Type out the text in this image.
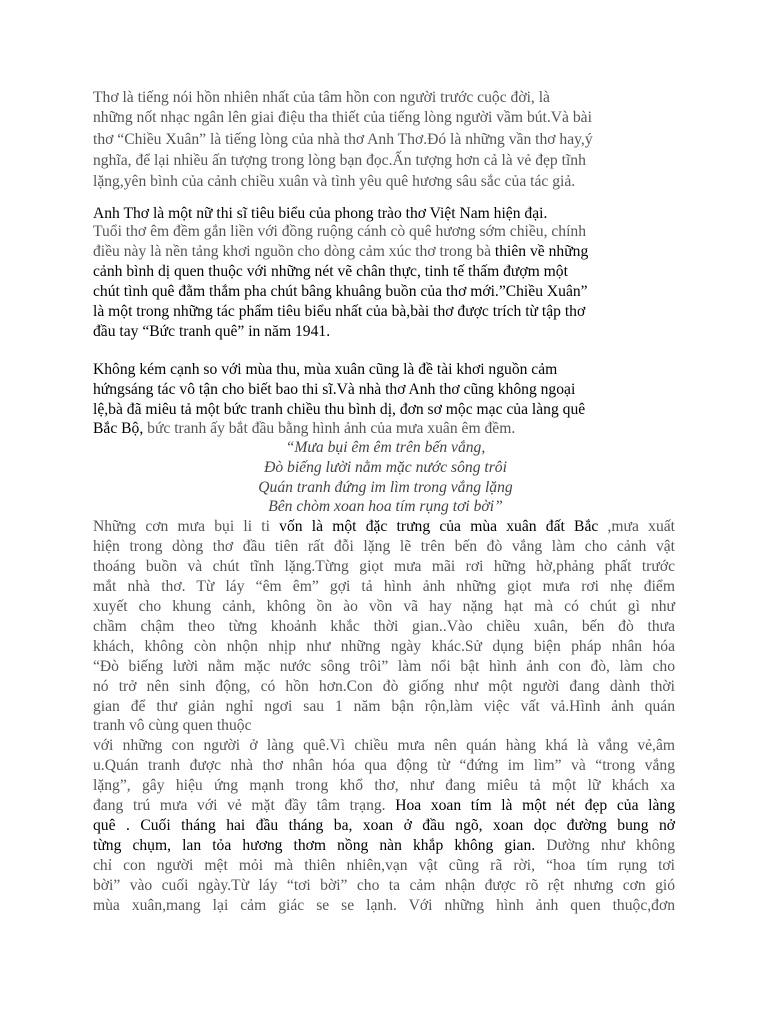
Thơ là tiếng nói hồn nhiên nhất của tâm hồn con người trước cuộc đời, là
những nốt nhạc ngân lên giai điệu tha thiết của tiếng lòng người vầm bút.Và bài
thơ “Chiều Xuân” là tiếng lòng của nhà thơ Anh Thơ.Đó là những vần thơ hay,ý
nghĩa, để lại nhiều ấn tượng trong lòng bạn đọc.Ấn tượng hơn cả là vẻ đẹp tĩnh
lặng,yên bình của cảnh chiều xuân và tình yêu quê hương sâu sắc của tác giả.
Anh Thơ là một nữ thi sĩ tiêu biểu của phong trào thơ Việt Nam hiện đại.
Tuổi thơ êm đềm gắn liền với đồng ruộng cánh cò quê hương sớm chiều, chính
điều này là nền tảng khơi nguồn cho dòng cảm xúc thơ trong bà thiên về những
cảnh bình dị quen thuộc với những nét vẽ chân thực, tinh tế thấm đượm một
chút tình quê đằm thắm pha chút bâng khuâng buồn của thơ mới.”Chiều Xuân”
là một trong những tác phẩm tiêu biểu nhất của bà,bài thơ được trích từ tập thơ
đầu tay “Bức tranh quê” in năm 1941.
Không kém cạnh so với mùa thu, mùa xuân cũng là đề tài khơi nguồn cảm
hứngsáng tác vô tận cho biết bao thi sĩ.Và nhà thơ Anh thơ cũng không ngoại
lệ,bà đã miêu tả một bức tranh chiều thu bình dị, đơn sơ mộc mạc của làng quê
Bắc Bộ, bức tranh ấy bắt đầu bằng hình ảnh của mưa xuân êm đềm.
“Mưa bụi êm êm trên bến vắng,
Đò biếng lười nằm mặc nước sông trôi
Quán tranh đứng im lìm trong vắng lặng
Bên chòm xoan hoa tím rụng tơi bời”
Những cơn mưa bụi li ti vốn là một đặc trưng của mùa xuân đất Bắc ,mưa xuất
hiện trong dòng thơ đầu tiên rất đỗi lặng lẽ trên bến đò vắng làm cho cảnh vật
thoáng buồn và chút tĩnh lặng.Từng giọt mưa mãi rơi hững hờ,phảng phất trước
mắt nhà thơ. Từ láy “êm êm” gợi tả hình ảnh những giọt mưa rơi nhẹ điểm
xuyết cho khung cảnh, không ồn ào vồn vã hay nặng hạt mà có chút gì như
chầm chậm theo từng khoảnh khắc thời gian..Vào chiều xuân, bến đò thưa
khách, không còn nhộn nhịp như những ngày khác.Sử dụng biện pháp nhân hóa
“Đò biếng lười nằm mặc nước sông trôi” làm nổi bật hình ảnh con đò, làm cho
nó trở nên sinh động, có hồn hơn.Con đò giống như một người đang dành thời
gian để thư giản nghỉ ngơi sau 1 năm bận rộn,làm việc vất vả.Hình ảnh quán
tranh vô cùng quen thuộc
với những con người ở làng quê.Vì chiều mưa nên quán hàng khá là vắng vẻ,âm
u.Quán tranh được nhà thơ nhân hóa qua động từ “đứng im lìm” và “trong vắng
lặng”, gây hiệu ứng mạnh trong khổ thơ, như đang miêu tả một lữ khách xa
đang trú mưa với vẻ mặt đầy tâm trạng. Hoa xoan tím là một nét đẹp của làng
quê . Cuối tháng hai đầu tháng ba, xoan ở đầu ngõ, xoan dọc đường bung nở
từng chụm, lan tỏa hương thơm nồng nàn khắp không gian. Dường như không
chỉ con người mệt mỏi mà thiên nhiên,vạn vật cũng rã rời, “hoa tím rụng tơi
bời” vào cuối ngày.Từ láy “tơi bời” cho ta cảm nhận được rõ rệt nhưng cơn gió
mùa xuân,mang lại cảm giác se se lạnh. Với những hình ảnh quen thuộc,đơn
